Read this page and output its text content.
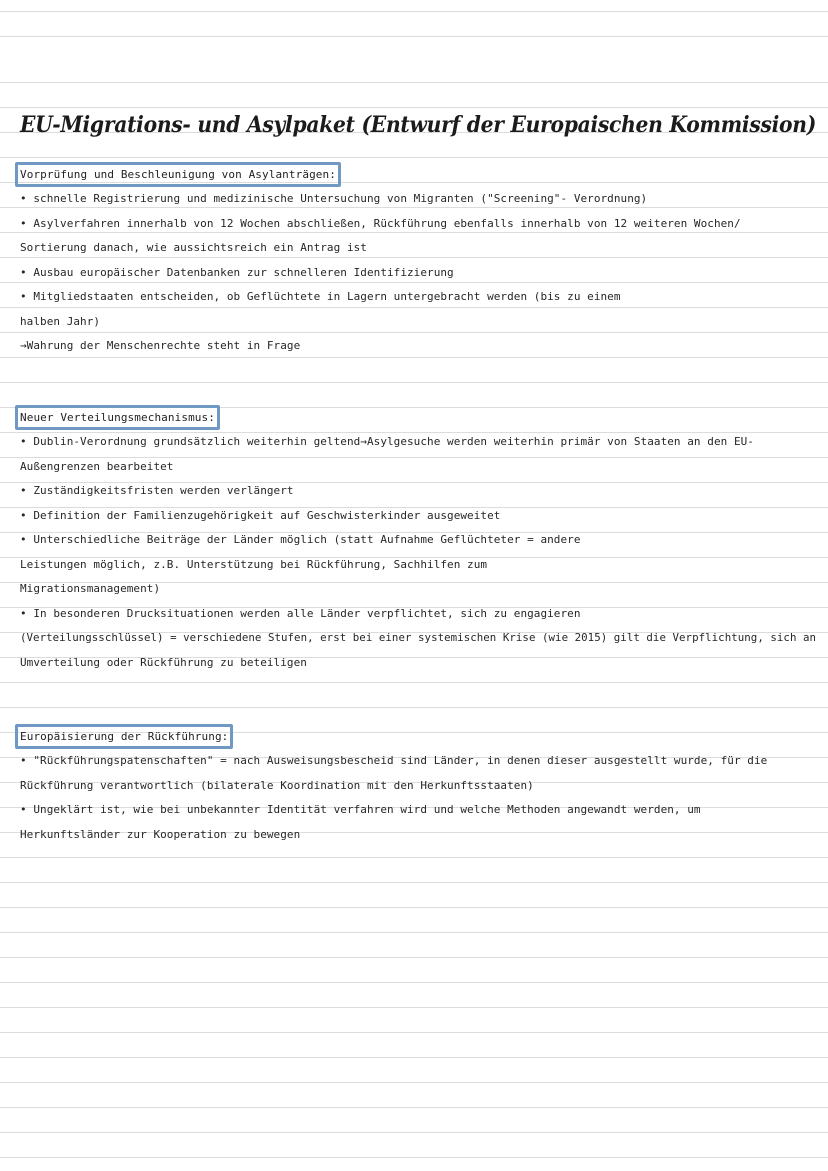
EU-Migrations- und Asylpaket (Entwurf der Europaischen Kommission)
Vorprüfung und Beschleunigung von Asylanträgen:
• schnelle Registrierung und medizinische Untersuchung von Migranten ("Screening"- Verordnung)
• Asylverfahren innerhalb von 12 Wochen abschließen, Rückführung ebenfalls innerhalb von 12 weiteren Wochen/
Sortierung danach, wie aussichtsreich ein Antrag ist
• Ausbau europäischer Datenbanken zur schnelleren Identifizierung
• Mitgliedstaaten entscheiden, ob Geflüchtete in Lagern untergebracht werden (bis zu einem
halben Jahr)
→Wahrung der Menschenrechte steht in Frage
Neuer Verteilungsmechanismus:
• Dublin-Verordnung grundsätzlich weiterhin geltend→Asylgesuche werden weiterhin primär von Staaten an den EU-
Außengrenzen bearbeitet
• Zuständigkeitsfristen werden verlängert
• Definition der Familienzugehörigkeit auf Geschwisterkinder ausgeweitet
• Unterschiedliche Beiträge der Länder möglich (statt Aufnahme Geflüchteter = andere
Leistungen möglich, z.B. Unterstützung bei Rückführung, Sachhilfen zum
Migrationsmanagement)
• In besonderen Drucksituationen werden alle Länder verpflichtet, sich zu engagieren
(Verteilungsschlüssel) = verschiedene Stufen, erst bei einer systemischen Krise (wie 2015) gilt die Verpflichtung, sich an
Umverteilung oder Rückführung zu beteiligen
Europäisierung der Rückführung:
• "Rückführungspatenschaften" = nach Ausweisungsbescheid sind Länder, in denen dieser ausgestellt wurde, für die
Rückführung verantwortlich (bilaterale Koordination mit den Herkunftsstaaten)
• Ungeklärt ist, wie bei unbekannter Identität verfahren wird und welche Methoden angewandt werden, um
Herkunftsländer zur Kooperation zu bewegen
